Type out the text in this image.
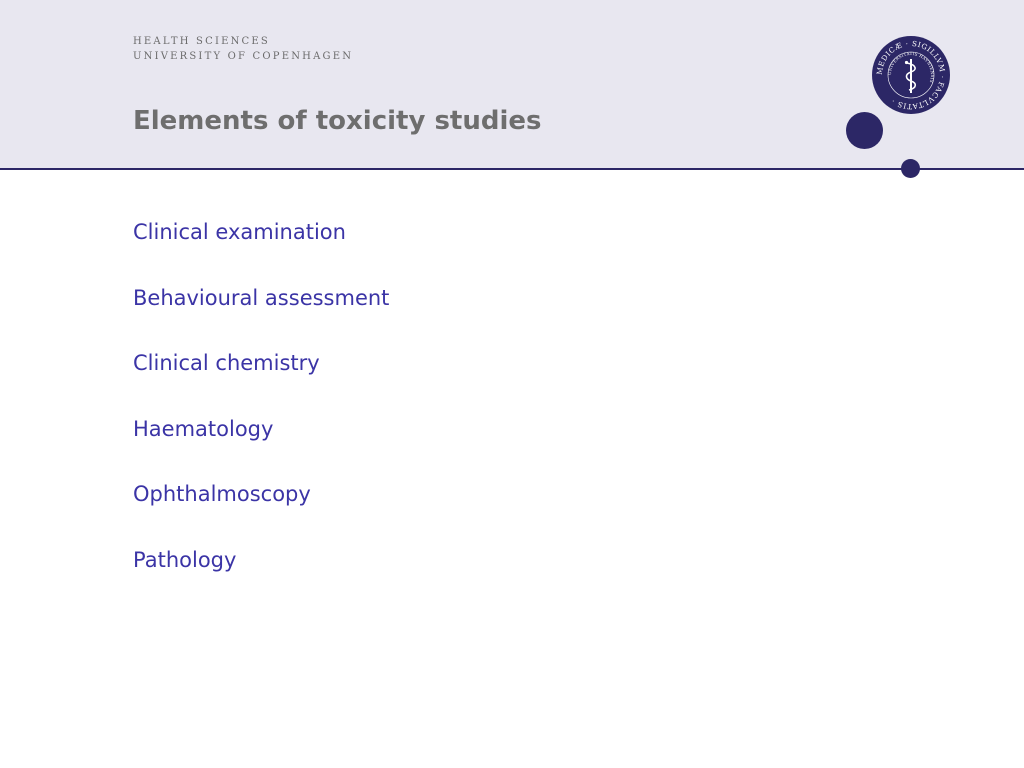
HEALTH SCIENCES
UNIVERSITY OF COPENHAGEN
Elements of toxicity studies
MEDICÆ · SIGILLVM · FACVLTATIS ·
UNIVERSITATIS HAVNIENSIS
Clinical examination
Behavioural assessment
Clinical chemistry
Haematology
Ophthalmoscopy
Pathology
